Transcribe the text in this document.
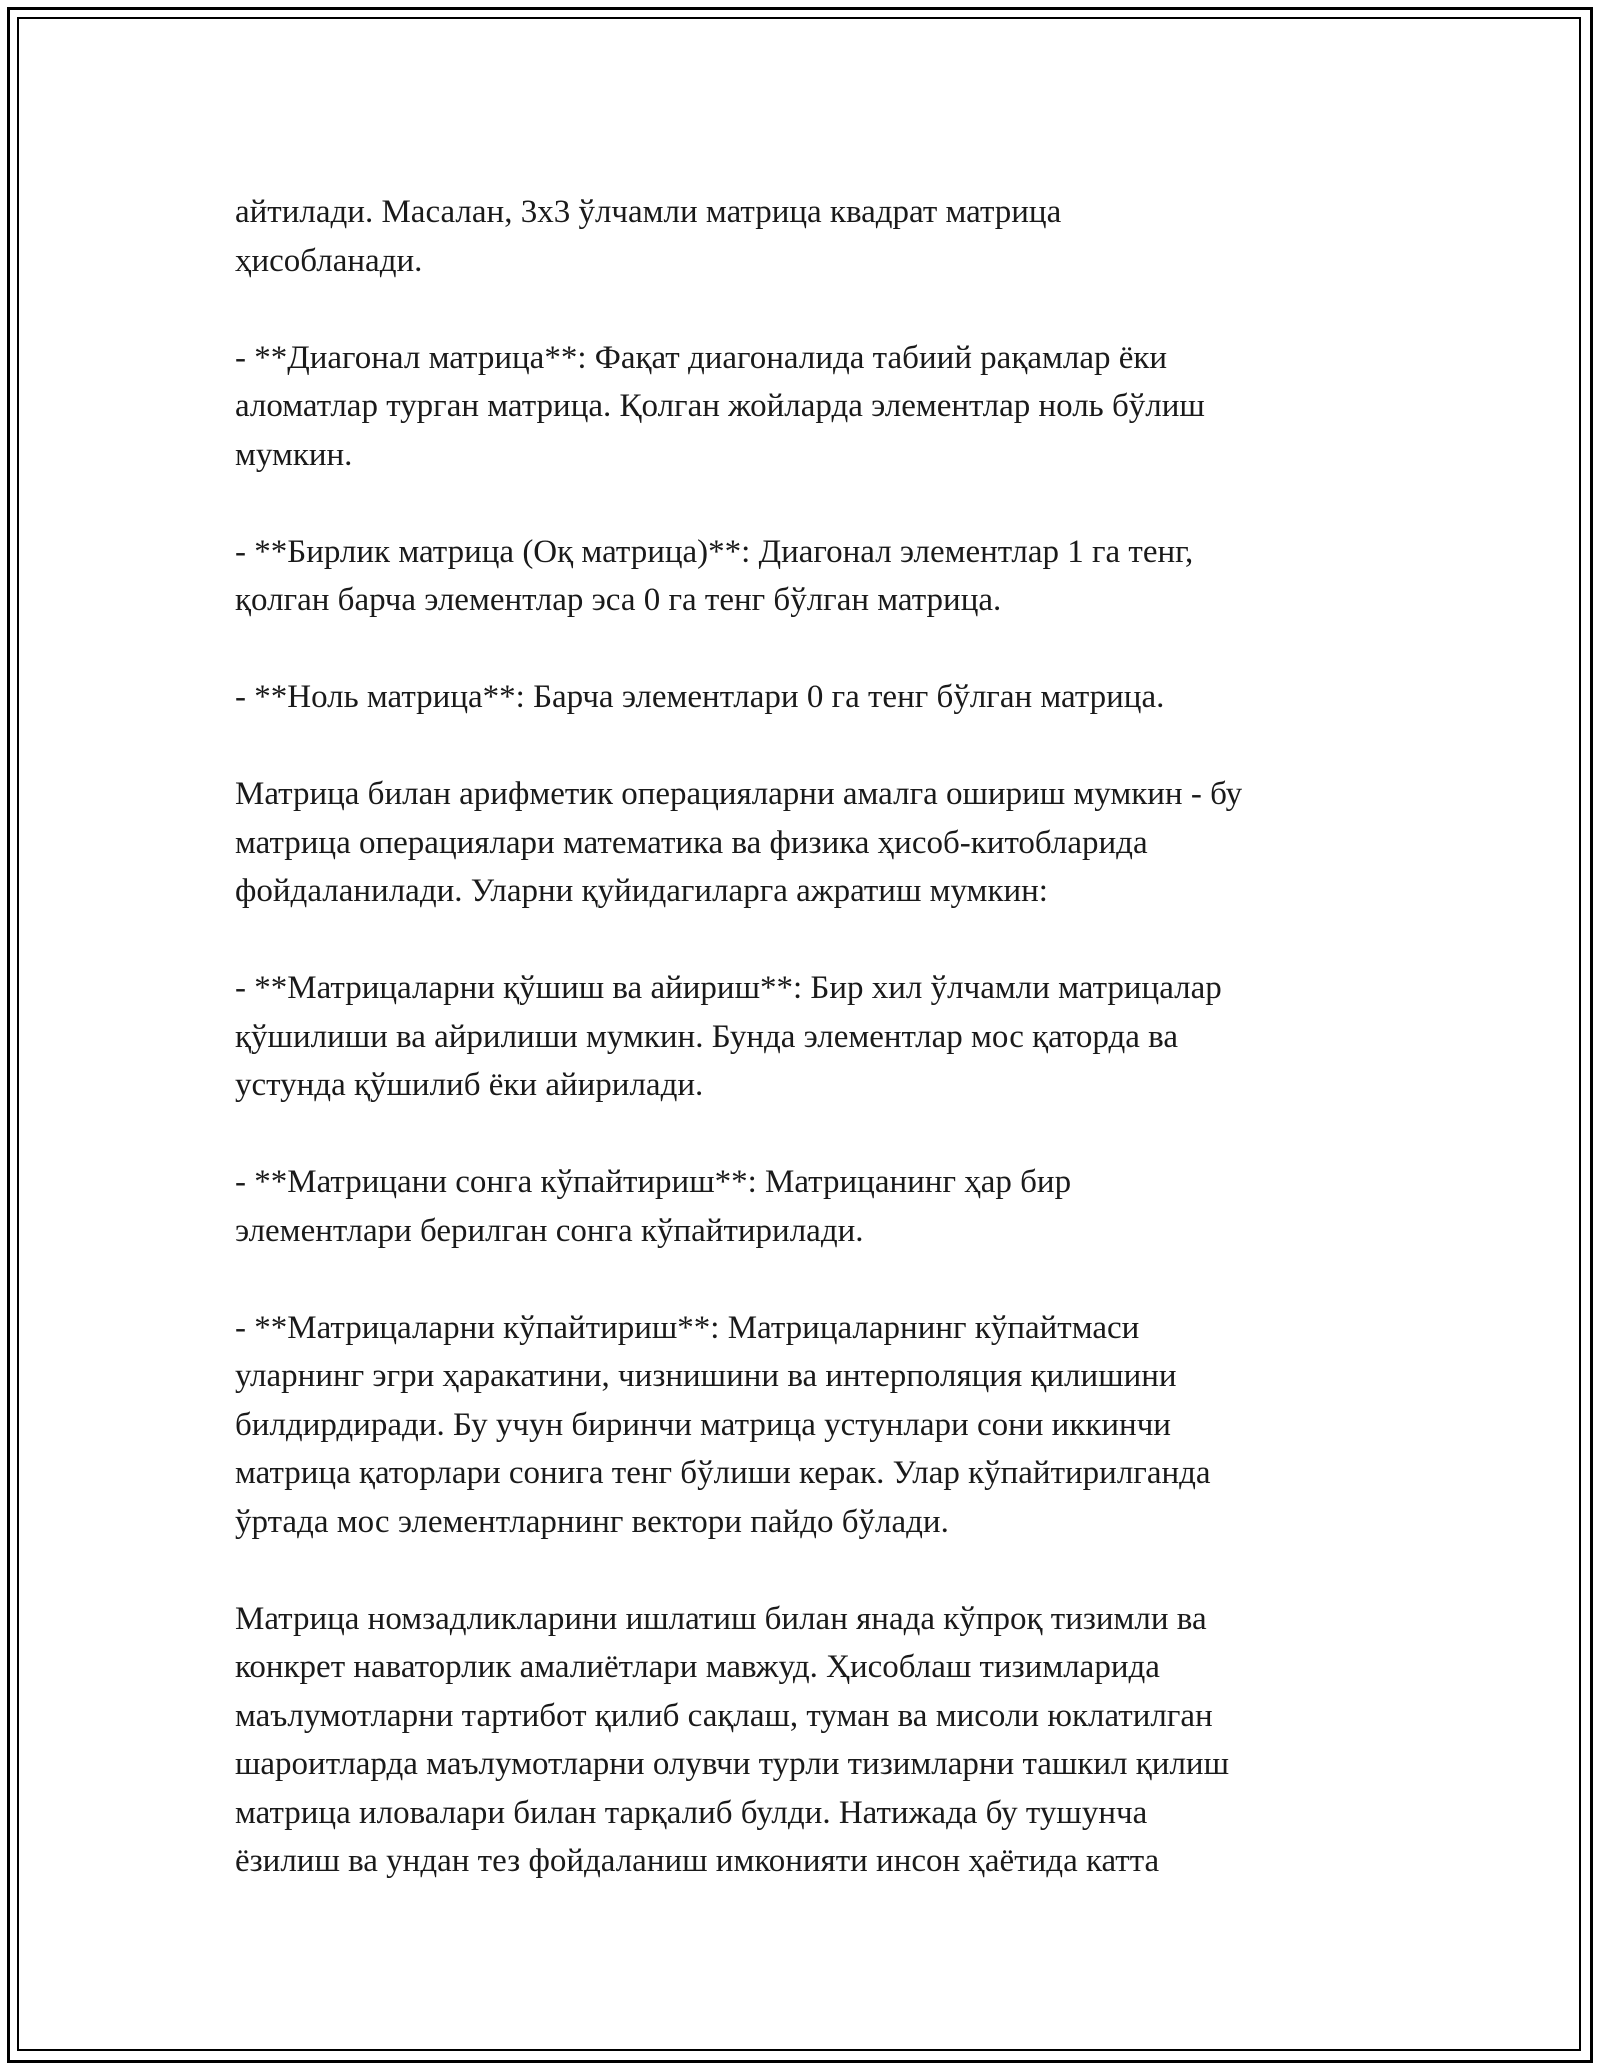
айтилади. Масалан, 3x3 ўлчамли матрица квадрат матрица
ҳисобланади.

- **Диагонал матрица**: Фақат диагоналида табиий рақамлар ёки
аломатлар турган матрица. Қолган жойларда элементлар ноль бўлиш
мумкин.

- **Бирлик матрица (Оқ матрица)**: Диагонал элементлар 1 га тенг,
қолган барча элементлар эса 0 га тенг бўлган матрица.

- **Ноль матрица**: Барча элементлари 0 га тенг бўлган матрица.

Матрица билан арифметик операцияларни амалга ошириш мумкин - бу
матрица операциялари математика ва физика ҳисоб-китобларида
фойдаланилади. Уларни қуйидагиларга ажратиш мумкин:

- **Матрицаларни қўшиш ва айириш**: Бир хил ўлчамли матрицалар
қўшилиши ва айрилиши мумкин. Бунда элементлар мос қаторда ва
устунда қўшилиб ёки айирилади.

- **Матрицани сонга кўпайтириш**: Матрицанинг ҳар бир
элементлари берилган сонга кўпайтирилади.

- **Матрицаларни кўпайтириш**: Матрицаларнинг кўпайтмаси
уларнинг эгри ҳаракатини, чизнишини ва интерполяция қилишини
билдирдиради. Бу учун биринчи матрица устунлари сони иккинчи
матрица қаторлари сонига тенг бўлиши керак. Улар кўпайтирилганда
ўртада мос элементларнинг вектори пайдо бўлади.

Матрица номзадликларини ишлатиш билан янада кўпроқ тизимли ва
конкрет наваторлик амалиётлари мавжуд. Ҳисоблаш тизимларида
маълумотларни тартибот қилиб сақлаш, туман ва мисоли юклатилган
шароитларда маълумотларни олувчи турли тизимларни ташкил қилиш
матрица иловалари билан тарқалиб булди. Натижада бу тушунча
ёзилиш ва ундан тез фойдаланиш имконияти инсон ҳаётида катта
